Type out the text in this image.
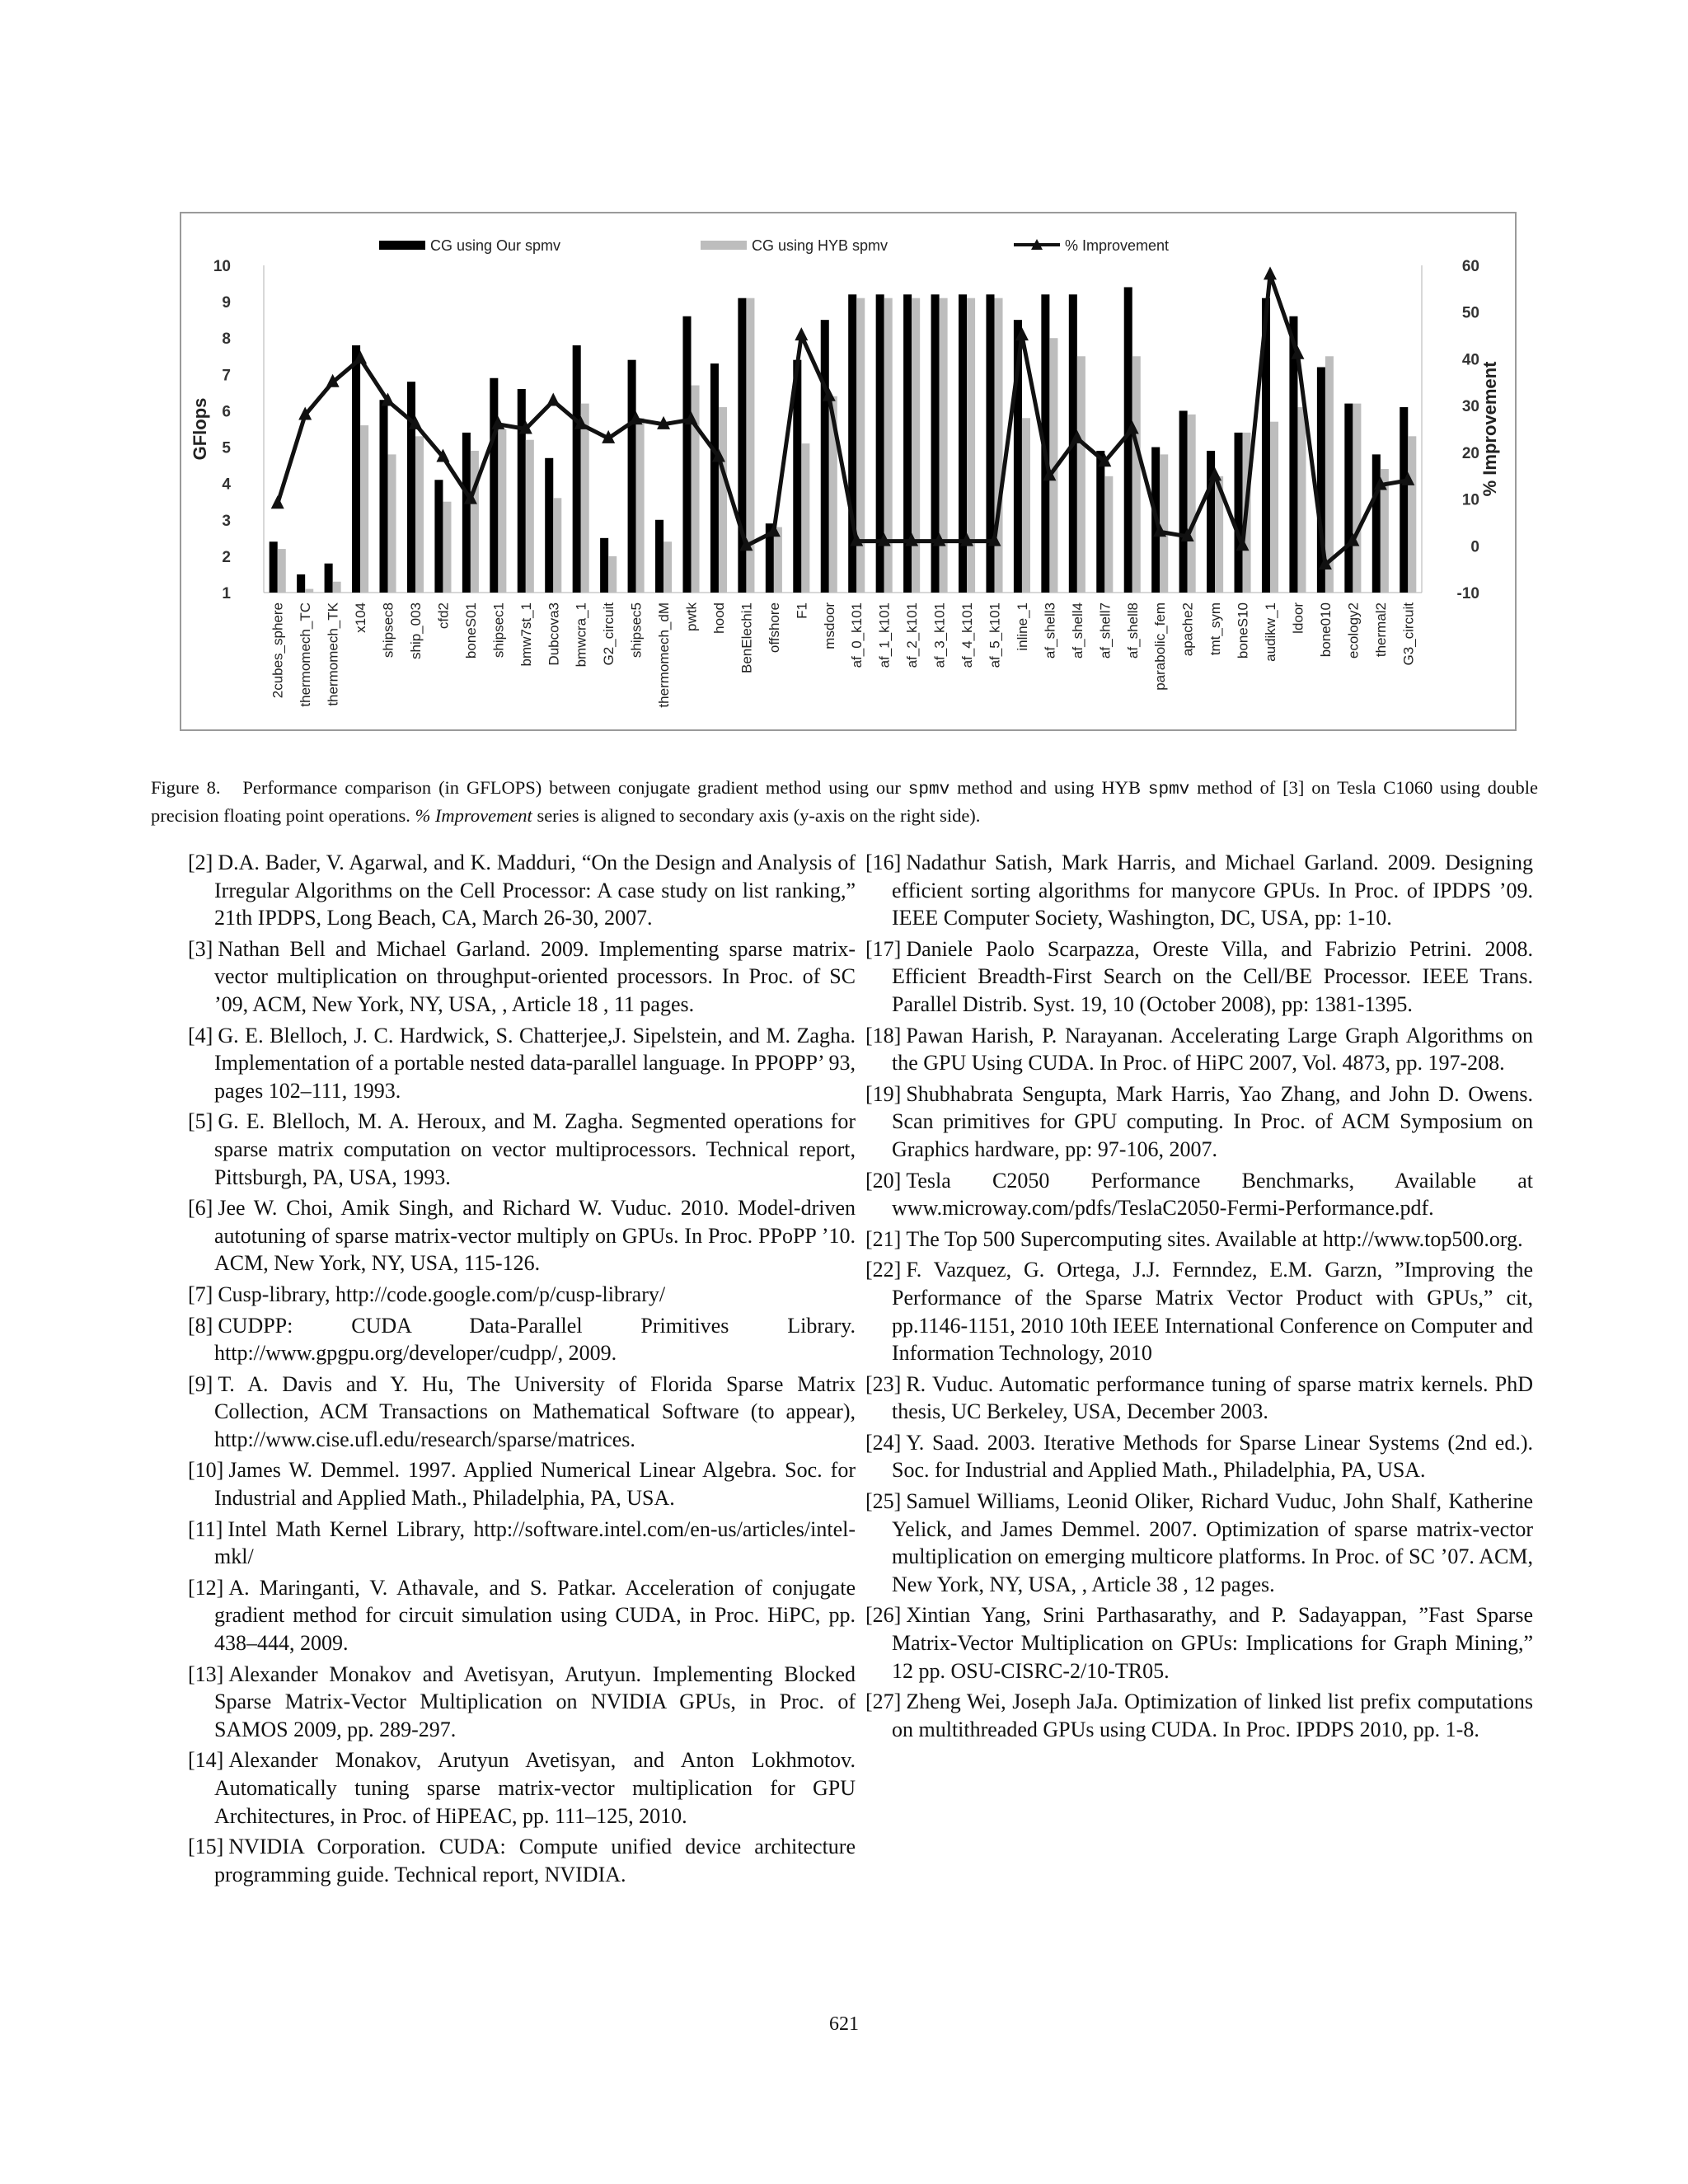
CG using Our spmv	CG using HYB spmv	% Improvement
1
2
3
4
5
6
7
8
9
10
-10
0
10
20
30
40
50
60
GFlops	% Improvement
2cubes_sphere thermomech_TC thermomech_TK x104 shipsec8 ship_003 cfd2 boneS01 shipsec1 bmw7st_1 Dubcova3 bmwcra_1 G2_circuit shipsec5 thermomech_dM pwtk hood BenElechi1 offshore F1 msdoor af_0_k101 af_1_k101 af_2_k101 af_3_k101 af_4_k101 af_5_k101 inline_1 af_shell3 af_shell4 af_shell7 af_shell8 parabolic_fem apache2 tmt_sym boneS10 audikw_1 ldoor bone010 ecology2 thermal2 G3_circuit
Figure 8. Performance comparison (in GFLOPS) between conjugate gradient method using our spmv method and using HYB spmv method of [3] on Tesla C1060 using double precision floating point operations. % Improvement series is aligned to secondary axis (y-axis on the right side).
[2] D.A. Bader, V. Agarwal, and K. Madduri, “On the Design and Analysis of Irregular Algorithms on the Cell Processor: A case study on list ranking,” 21th IPDPS, Long Beach, CA, March 26-30, 2007.
[3] Nathan Bell and Michael Garland. 2009. Implementing sparse matrix-vector multiplication on throughput-oriented processors. In Proc. of SC ’09, ACM, New York, NY, USA, , Article 18 , 11 pages.
[4] G. E. Blelloch, J. C. Hardwick, S. Chatterjee,J. Sipelstein, and M. Zagha. Implementation of a portable nested data-parallel language. In PPOPP’ 93, pages 102–111, 1993.
[5] G. E. Blelloch, M. A. Heroux, and M. Zagha. Segmented operations for sparse matrix computation on vector multiprocessors. Technical report, Pittsburgh, PA, USA, 1993.
[6] Jee W. Choi, Amik Singh, and Richard W. Vuduc. 2010. Model-driven autotuning of sparse matrix-vector multiply on GPUs. In Proc. PPoPP ’10. ACM, New York, NY, USA, 115-126.
[7] Cusp-library, http://code.google.com/p/cusp-library/
[8] CUDPP: CUDA Data-Parallel Primitives Library. http://www.gpgpu.org/developer/cudpp/, 2009.
[9] T. A. Davis and Y. Hu, The University of Florida Sparse Matrix Collection, ACM Transactions on Mathematical Software (to appear), http://www.cise.ufl.edu/research/sparse/matrices.
[10] James W. Demmel. 1997. Applied Numerical Linear Algebra. Soc. for Industrial and Applied Math., Philadelphia, PA, USA.
[11] Intel Math Kernel Library, http://software.intel.com/en-us/articles/intel-mkl/
[12] A. Maringanti, V. Athavale, and S. Patkar. Acceleration of conjugate gradient method for circuit simulation using CUDA, in Proc. HiPC, pp. 438–444, 2009.
[13] Alexander Monakov and Avetisyan, Arutyun. Implementing Blocked Sparse Matrix-Vector Multiplication on NVIDIA GPUs, in Proc. of SAMOS 2009, pp. 289-297.
[14] Alexander Monakov, Arutyun Avetisyan, and Anton Lokhmotov. Automatically tuning sparse matrix-vector multiplication for GPU Architectures, in Proc. of HiPEAC, pp. 111–125, 2010.
[15] NVIDIA Corporation. CUDA: Compute unified device architecture programming guide. Technical report, NVIDIA.
[16] Nadathur Satish, Mark Harris, and Michael Garland. 2009. Designing efficient sorting algorithms for manycore GPUs. In Proc. of IPDPS ’09. IEEE Computer Society, Washington, DC, USA, pp: 1-10.
[17] Daniele Paolo Scarpazza, Oreste Villa, and Fabrizio Petrini. 2008. Efficient Breadth-First Search on the Cell/BE Processor. IEEE Trans. Parallel Distrib. Syst. 19, 10 (October 2008), pp: 1381-1395.
[18] Pawan Harish, P. Narayanan. Accelerating Large Graph Algorithms on the GPU Using CUDA. In Proc. of HiPC 2007, Vol. 4873, pp. 197-208.
[19] Shubhabrata Sengupta, Mark Harris, Yao Zhang, and John D. Owens. Scan primitives for GPU computing. In Proc. of ACM Symposium on Graphics hardware, pp: 97-106, 2007.
[20] Tesla C2050 Performance Benchmarks, Available at www.microway.com/pdfs/TeslaC2050-Fermi-Performance.pdf.
[21] The Top 500 Supercomputing sites. Available at http://www.top500.org.
[22] F. Vazquez, G. Ortega, J.J. Fernndez, E.M. Garzn, ”Improving the Performance of the Sparse Matrix Vector Product with GPUs,” cit, pp.1146-1151, 2010 10th IEEE International Conference on Computer and Information Technology, 2010
[23] R. Vuduc. Automatic performance tuning of sparse matrix kernels. PhD thesis, UC Berkeley, USA, December 2003.
[24] Y. Saad. 2003. Iterative Methods for Sparse Linear Systems (2nd ed.). Soc. for Industrial and Applied Math., Philadelphia, PA, USA.
[25] Samuel Williams, Leonid Oliker, Richard Vuduc, John Shalf, Katherine Yelick, and James Demmel. 2007. Optimization of sparse matrix-vector multiplication on emerging multicore platforms. In Proc. of SC ’07. ACM, New York, NY, USA, , Article 38 , 12 pages.
[26] Xintian Yang, Srini Parthasarathy, and P. Sadayappan, ”Fast Sparse Matrix-Vector Multiplication on GPUs: Implications for Graph Mining,” 12 pp. OSU-CISRC-2/10-TR05.
[27] Zheng Wei, Joseph JaJa. Optimization of linked list prefix computations on multithreaded GPUs using CUDA. In Proc. IPDPS 2010, pp. 1-8.
621
